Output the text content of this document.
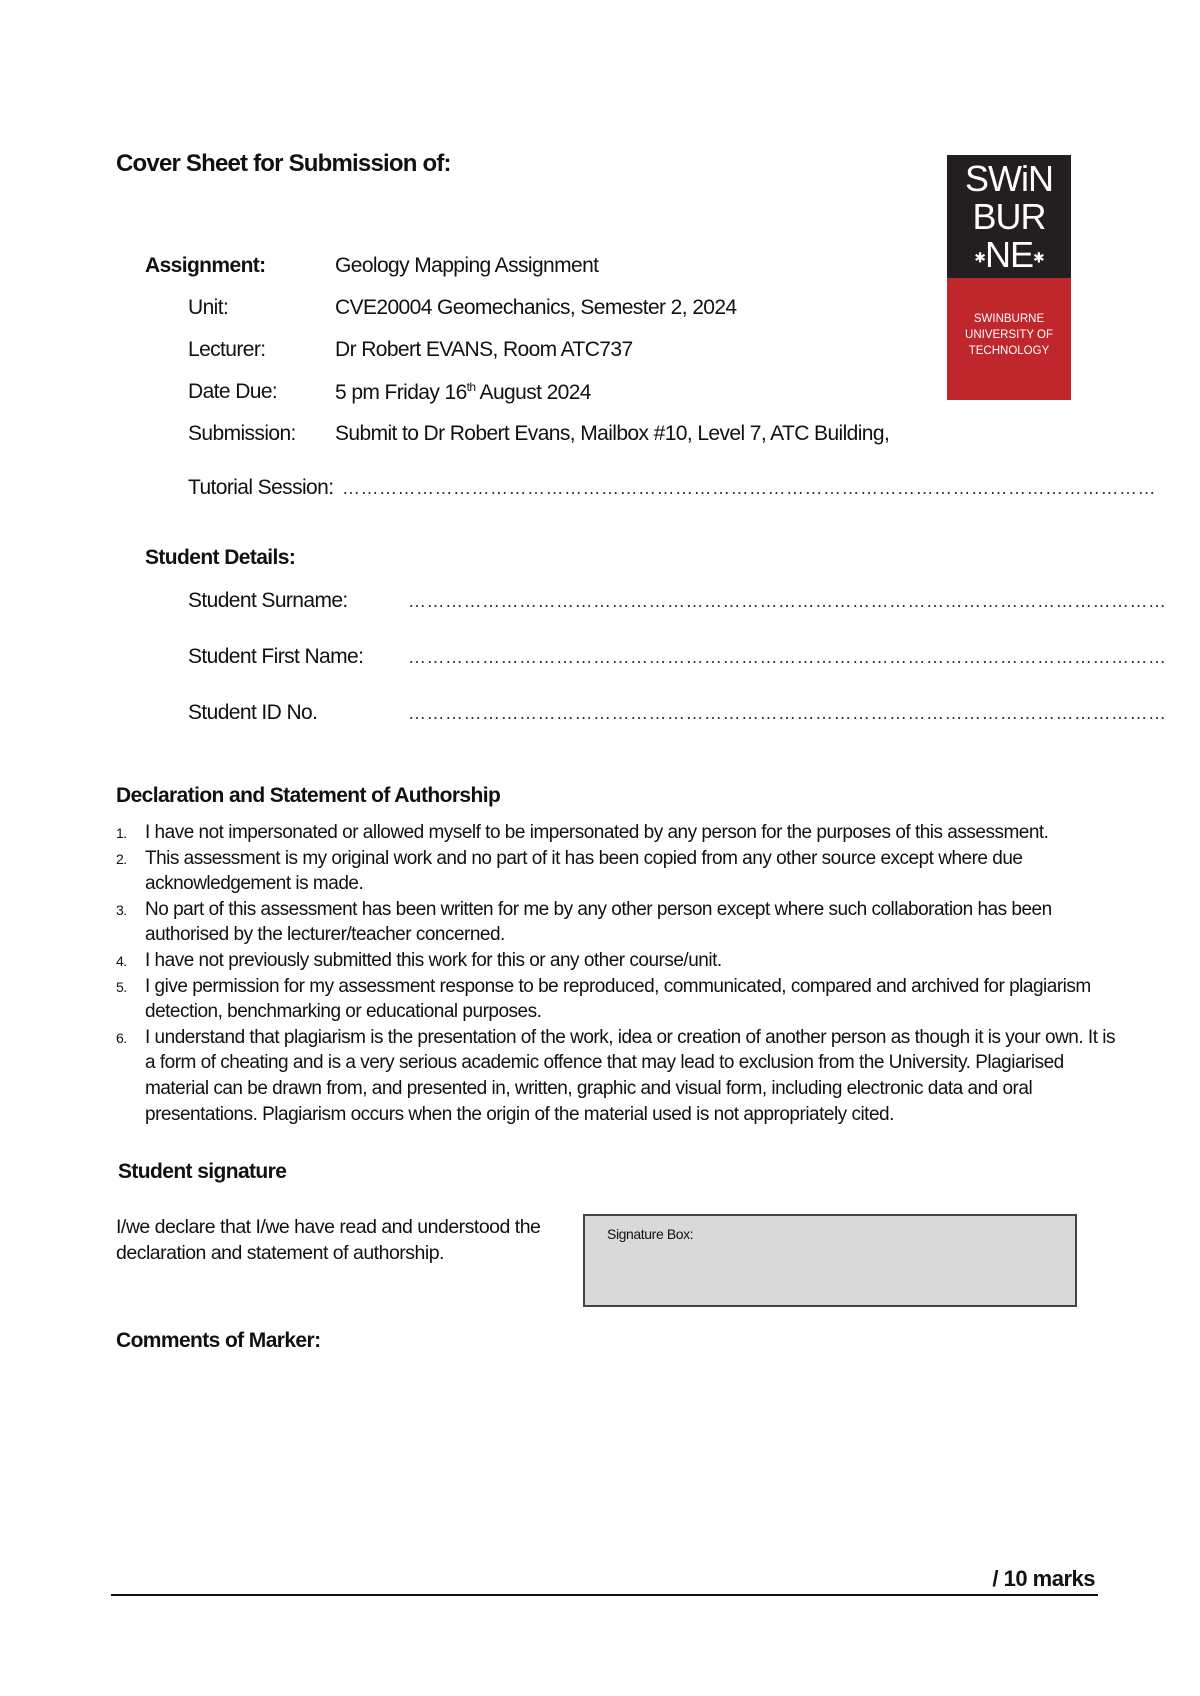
Cover Sheet for Submission of:	SWiN
BUR
✱NE✱
SWINBURNE
UNIVERSITY OF
TECHNOLOGY
Assignment:	Geology Mapping Assignment
Unit:	CVE20004 Geomechanics, Semester 2, 2024
Lecturer:	Dr Robert EVANS, Room ATC737
Date Due:	5 pm Friday 16th August 2024
Submission: Submit to Dr Robert Evans, Mailbox #10, Level 7, ATC Building,
Tutorial Session: ……………………………………………………………………………………………………………………
Student Details:
Student Surname:	……………………………………………………………………………………………………………
Student First Name: ……………………………………………………………………………………………………………
Student ID No.	……………………………………………………………………………………………………………
Declaration and Statement of Authorship
1. I have not impersonated or allowed myself to be impersonated by any person for the purposes of this assessment.
2. This assessment is my original work and no part of it has been copied from any other source except where due acknowledgement is made.
3. No part of this assessment has been written for me by any other person except where such collaboration has been authorised by the lecturer/teacher concerned.
4. I have not previously submitted this work for this or any other course/unit.
5. I give permission for my assessment response to be reproduced, communicated, compared and archived for plagiarism detection, benchmarking or educational purposes.
6. I understand that plagiarism is the presentation of the work, idea or creation of another person as though it is your own. It is a form of cheating and is a very serious academic offence that may lead to exclusion from the University. Plagiarised material can be drawn from, and presented in, written, graphic and visual form, including electronic data and oral presentations. Plagiarism occurs when the origin of the material used is not appropriately cited.
Student signature
I/we declare that I/we have read and understood the declaration and statement of authorship.
Signature Box:
Comments of Marker:
/ 10 marks
